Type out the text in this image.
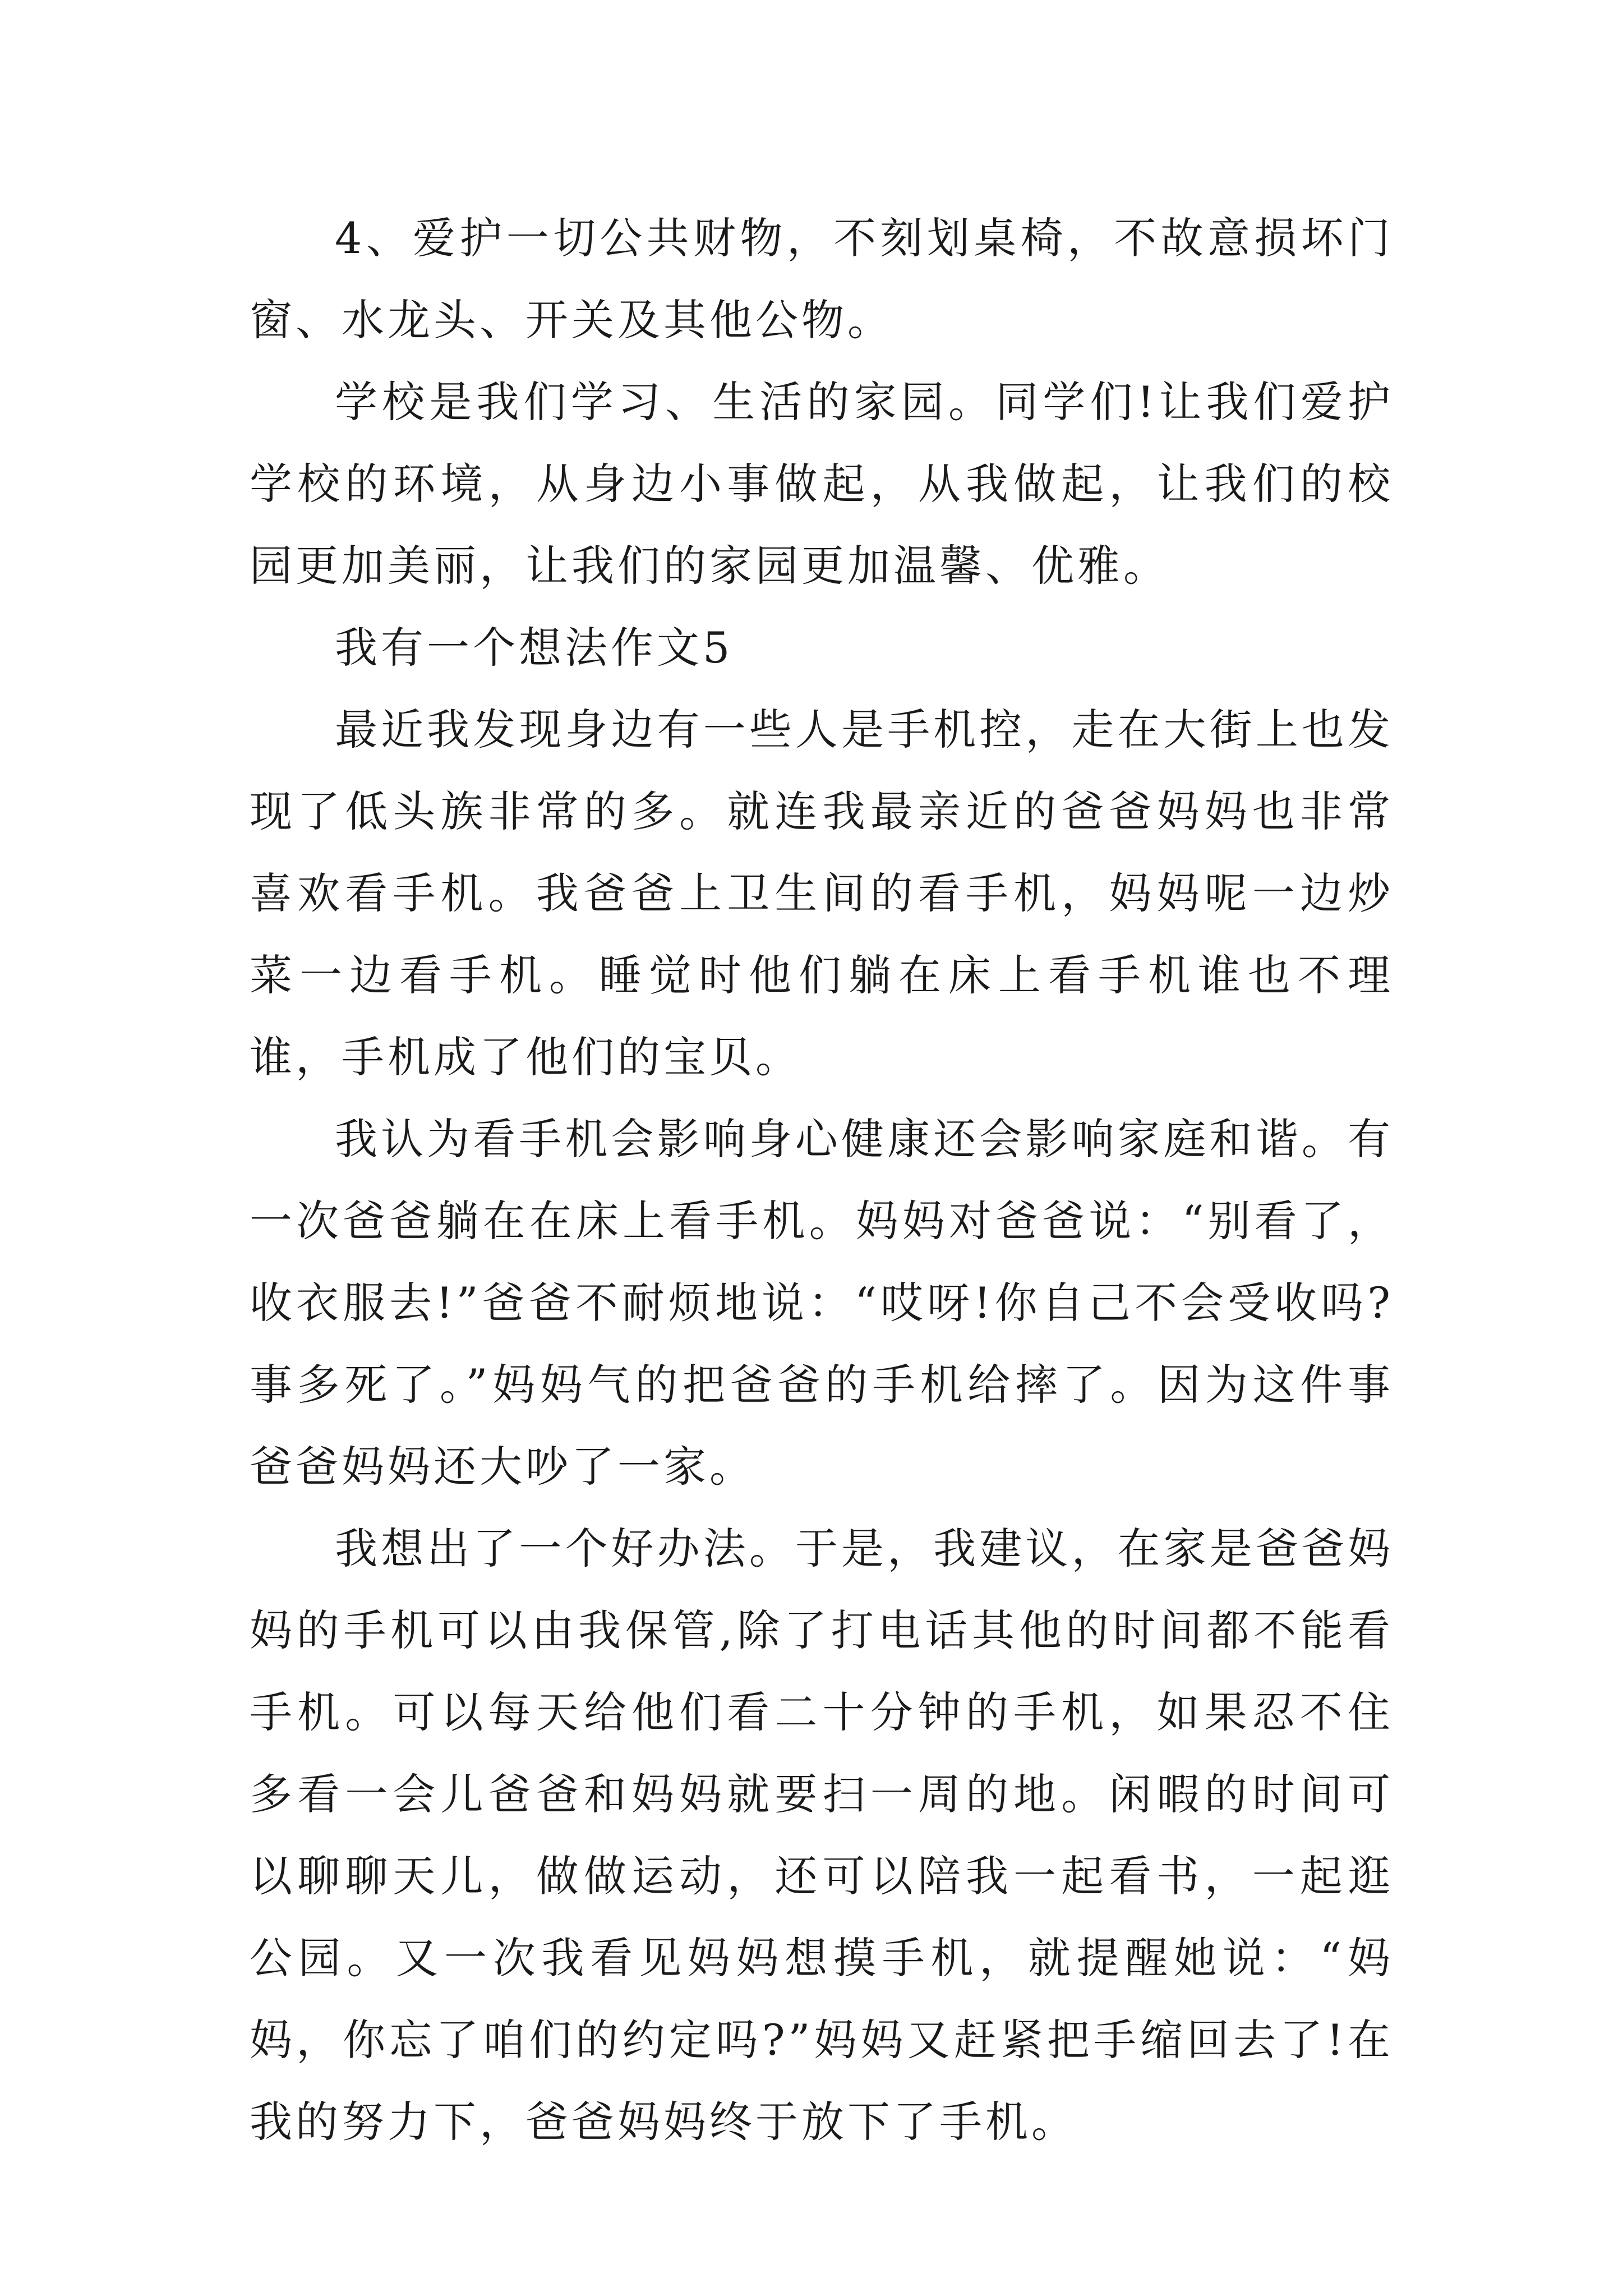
4、爱护一切公共财物，不刻划桌椅，不故意损坏门窗、水龙头、开关及其他公物。

学校是我们学习、生活的家园。同学们!让我们爱护学校的环境，从身边小事做起，从我做起，让我们的校园更加美丽，让我们的家园更加温馨、优雅。

我有一个想法作文5

最近我发现身边有一些人是手机控，走在大街上也发现了低头族非常的多。就连我最亲近的爸爸妈妈也非常喜欢看手机。我爸爸上卫生间的看手机，妈妈呢一边炒菜一边看手机。睡觉时他们躺在床上看手机谁也不理谁，手机成了他们的宝贝。

我认为看手机会影响身心健康还会影响家庭和谐。有一次爸爸躺在在床上看手机。妈妈对爸爸说：“别看了，收衣服去!”爸爸不耐烦地说：“哎呀!你自己不会受收吗?事多死了。”妈妈气的把爸爸的手机给摔了。因为这件事爸爸妈妈还大吵了一家。

我想出了一个好办法。于是，我建议，在家是爸爸妈妈的手机可以由我保管,除了打电话其他的时间都不能看手机。可以每天给他们看二十分钟的手机，如果忍不住多看一会儿爸爸和妈妈就要扫一周的地。闲暇的时间可以聊聊天儿，做做运动，还可以陪我一起看书，一起逛公园。又一次我看见妈妈想摸手机，就提醒她说：“妈妈，你忘了咱们的约定吗?”妈妈又赶紧把手缩回去了!在我的努力下，爸爸妈妈终于放下了手机。
